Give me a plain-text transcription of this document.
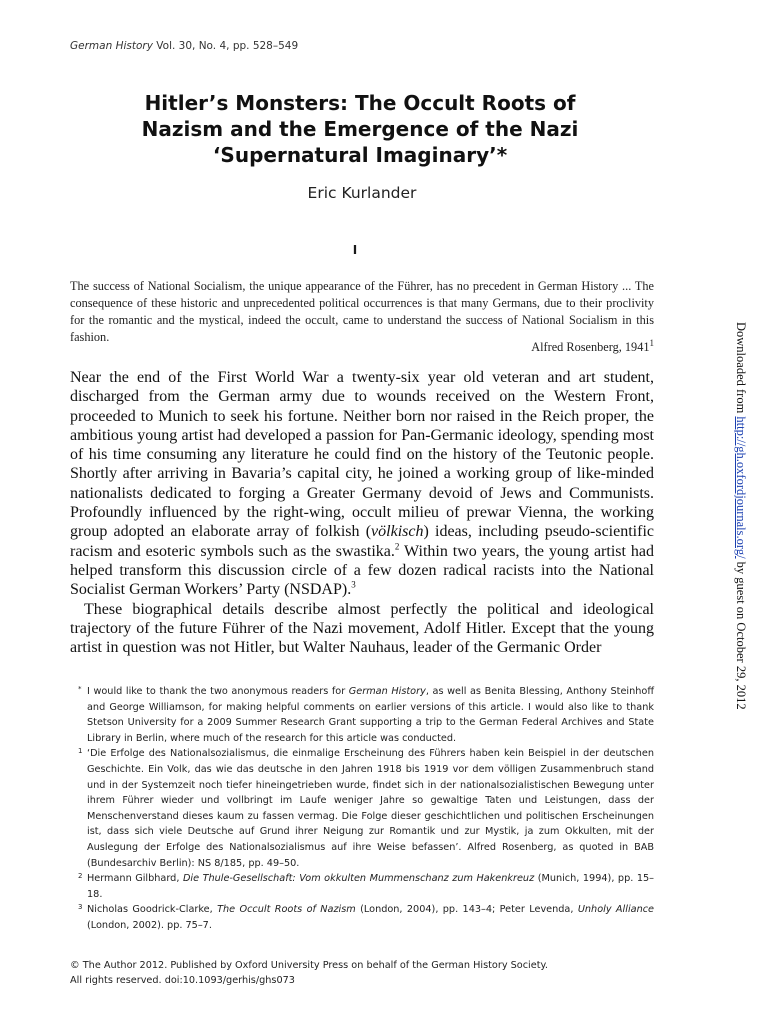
German History Vol. 30, No. 4, pp. 528–549
Hitler’s Monsters: The Occult Roots of
Nazism and the Emergence of the Nazi
‘Supernatural Imaginary’*
Eric Kurlander
I
The success of National Socialism, the unique appearance of the Führer, has no precedent in German History ... The consequence of these historic and unprecedented political occurrences is that many Germans, due to their proclivity for the romantic and the mystical, indeed the occult, came to understand the success of National Socialism in this fashion.
Alfred Rosenberg, 1941$^1$

Near the end of the First World War a twenty-six year old veteran and art student, discharged from the German army due to wounds received on the Western Front, proceeded to Munich to seek his fortune. Neither born nor raised in the Reich proper, the ambitious young artist had developed a passion for Pan-Germanic ideology, spending most of his time consuming any literature he could find on the history of the Teutonic people. Shortly after arriving in Bavaria’s capital city, he joined a working group of like-minded nationalists dedicated to forging a Greater Germany devoid of Jews and Communists. Profoundly influenced by the right-wing, occult milieu of prewar Vienna, the working group adopted an elaborate array of folkish (völkisch) ideas, including pseudo-scientific racism and esoteric symbols such as the swastika.$^2$ Within two years, the young artist had helped transform this discussion circle of a few dozen radical racists into the National Socialist German Workers’ Party (NSDAP).$^3$

These biographical details describe almost perfectly the political and ideological trajectory of the future Führer of the Nazi movement, Adolf Hitler. Except that the young artist in question was not Hitler, but Walter Nauhaus, leader of the Germanic Order

* I would like to thank the two anonymous readers for German History, as well as Benita Blessing, Anthony Steinhoff and George Williamson, for making helpful comments on earlier versions of this article. I would also like to thank Stetson University for a 2009 Summer Research Grant supporting a trip to the German Federal Archives and State Library in Berlin, where much of the research for this article was conducted.
1 ‘Die Erfolge des Nationalsozialismus, die einmalige Erscheinung des Führers haben kein Beispiel in der deutschen Geschichte. Ein Volk, das wie das deutsche in den Jahren 1918 bis 1919 vor dem völligen Zusammenbruch stand und in der Systemzeit noch tiefer hineingetrieben wurde, findet sich in der nationalsozialistischen Bewegung unter ihrem Führer wieder und vollbringt im Laufe weniger Jahre so gewaltige Taten und Leistungen, dass der Menschenverstand dieses kaum zu fassen vermag. Die Folge dieser geschichtlichen und politischen Erscheinungen ist, dass sich viele Deutsche auf Grund ihrer Neigung zur Romantik und zur Mystik, ja zum Okkulten, mit der Auslegung der Erfolge des Nationalsozialismus auf ihre Weise befassen’. Alfred Rosenberg, as quoted in BAB (Bundesarchiv Berlin): NS 8/185, pp. 49–50.
2 Hermann Gilbhard, Die Thule-Gesellschaft: Vom okkulten Mummenschanz zum Hakenkreuz (Munich, 1994), pp. 15–18.
3 Nicholas Goodrick-Clarke, The Occult Roots of Nazism (London, 2004), pp. 143–4; Peter Levenda, Unholy Alliance (London, 2002). pp. 75–7.
© The Author 2012. Published by Oxford University Press on behalf of the German History Society.
All rights reserved. doi:10.1093/gerhis/ghs073
Downloaded from http://gh.oxfordjournals.org/ by guest on October 29, 2012
